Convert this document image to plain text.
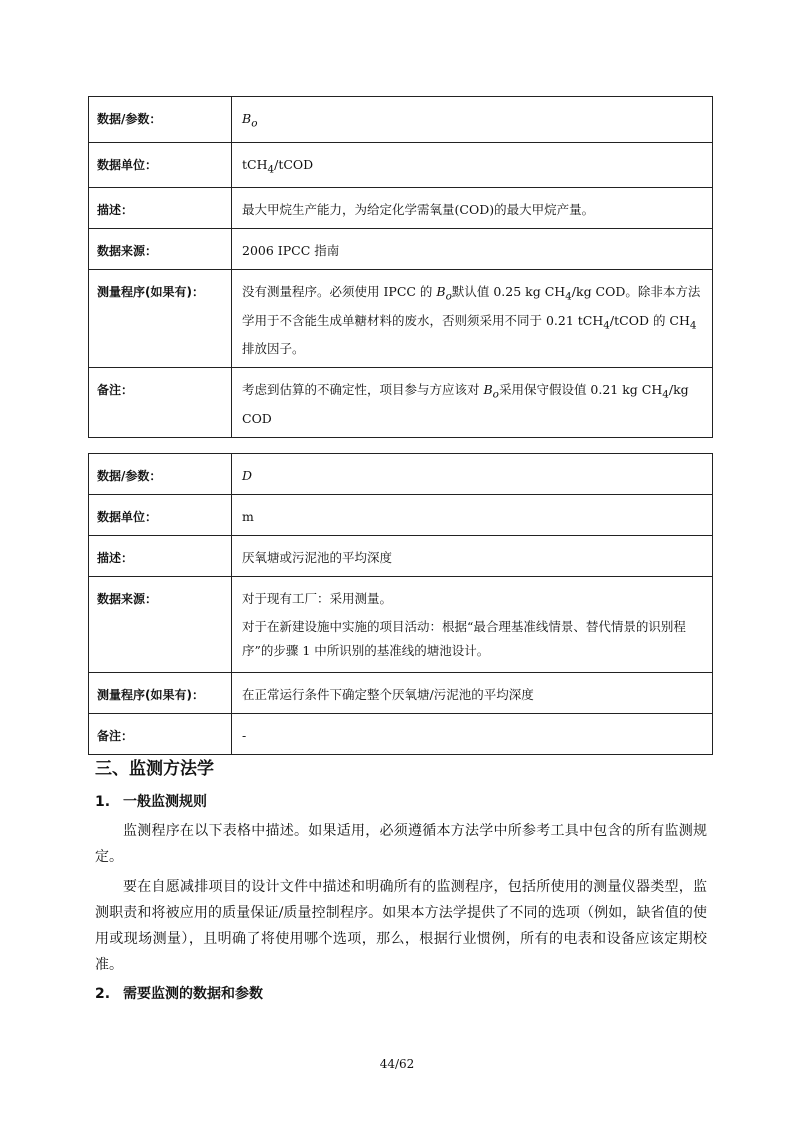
数据/参数：	$B_o$
数据单位：	tCH$_4$/tCOD
描述：	最大甲烷生产能力，为给定化学需氧量(COD)的最大甲烷产量。
数据来源：	2006 IPCC 指南
测量程序(如果有)：	没有测量程序。必须使用 IPCC 的 $B_o$默认值 0.25 kg $CH_4/kg$ COD。除非本方法学用于不含能生成单糖材料的废水，否则须采用不同于 0.21 tCH$_4$/tCOD 的 $CH_4$排放因子。
备注：	考虑到估算的不确定性，项目参与方应该对 $B_o$采用保守假设值 0.21 kg $CH_4/kg$ COD
数据/参数：	D
数据单位：	m
描述：	厌氧塘或污泥池的平均深度
数据来源：	对于现有工厂：采用测量。
对于在新建设施中实施的项目活动：根据“最合理基准线情景、替代情景的识别程序”的步骤 1 中所识别的基准线的塘池设计。

测量程序(如果有)：	在正常运行条件下确定整个厌氧塘/污泥池的平均深度
备注：	-
三、监测方法学
1. 一般监测规则

监测程序在以下表格中描述。如果适用，必须遵循本方法学中所参考工具中包含的所有监测规定。

要在自愿减排项目的设计文件中描述和明确所有的监测程序，包括所使用的测量仪器类型，监测职责和将被应用的质量保证/质量控制程序。如果本方法学提供了不同的选项（例如，缺省值的使用或现场测量），且明确了将使用哪个选项，那么，根据行业惯例，所有的电表和设备应该定期校准。

2. 需要监测的数据和参数
44/62
